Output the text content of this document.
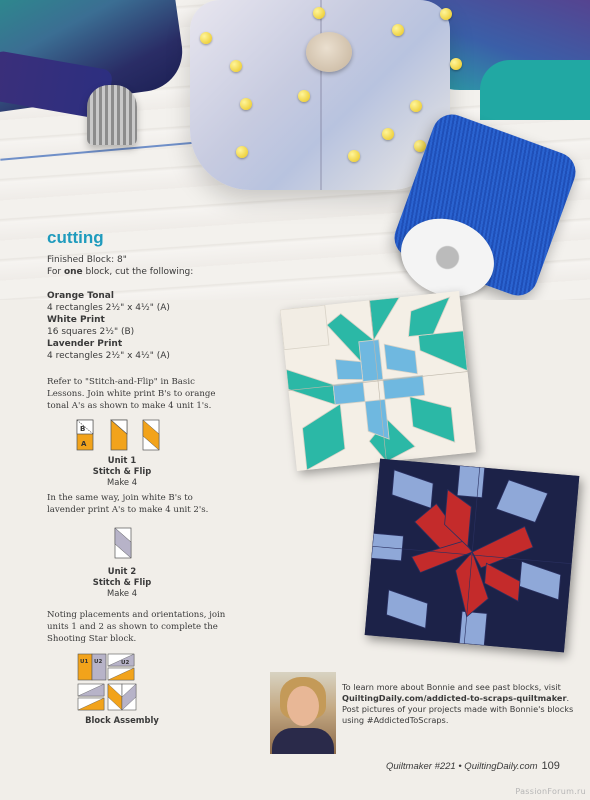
cutting

Finished Block: 8"

For one block, cut the following:

Orange Tonal

4 rectangles 2½" x 4½" (A)

White Print

16 squares 2½" (B)

Lavender Print

4 rectangles 2½" x 4½" (A)

Refer to "Stitch-and-Flip" in Basic Lessons. Join white print B's to orange tonal A's as shown to make 4 unit 1's.

B
A
Unit 1
Stitch & Flip
Make 4

In the same way, join white B's to lavender print A's to make 4 unit 2's.

Unit 2
Stitch & Flip
Make 4

Noting placements and orientations, join units 1 and 2 as shown to complete the Shooting Star block.

U1 U2	U2
Block Assembly
To learn more about Bonnie and see past blocks, visit QuiltingDaily.com/addicted-to-scraps-quiltmaker. Post pictures of your projects made with Bonnie's blocks using #AddictedToScraps.
Quiltmaker #221 • QuiltingDaily.com 109
PassionForum.ru
